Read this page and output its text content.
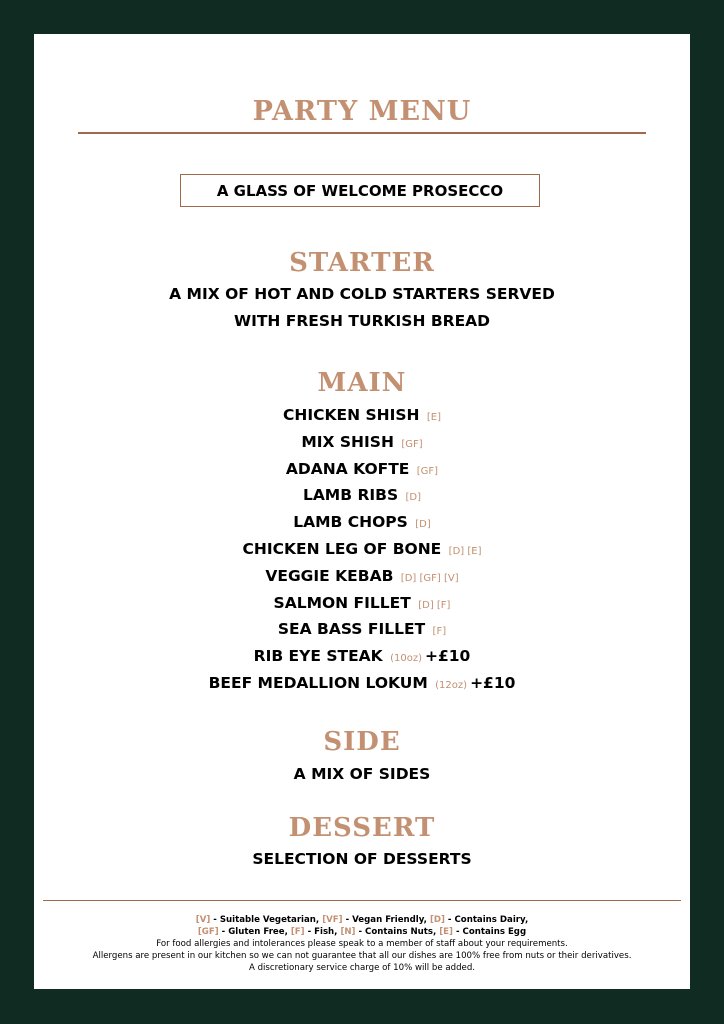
PARTY MENU
A GLASS OF WELCOME PROSECCO
STARTER
A MIX OF HOT AND COLD STARTERS SERVED
WITH FRESH TURKISH BREAD
MAIN
CHICKEN SHISH [E]
MIX SHISH [GF]
ADANA KOFTE [GF]
LAMB RIBS [D]
LAMB CHOPS [D]
CHICKEN LEG OF BONE [D] [E]
VEGGIE KEBAB [D] [GF] [V]
SALMON FILLET [D] [F]
SEA BASS FILLET [F]
RIB EYE STEAK (10oz) +£10
BEEF MEDALLION LOKUM (12oz) +£10
SIDE
A MIX OF SIDES
DESSERT
SELECTION OF DESSERTS
[V] - Suitable Vegetarian, [VF] - Vegan Friendly, [D] - Contains Dairy,
[GF] - Gluten Free, [F] - Fish, [N] - Contains Nuts, [E] - Contains Egg
For food allergies and intolerances please speak to a member of staff about your requirements.
Allergens are present in our kitchen so we can not guarantee that all our dishes are 100% free from nuts or their derivatives.
A discretionary service charge of 10% will be added.
